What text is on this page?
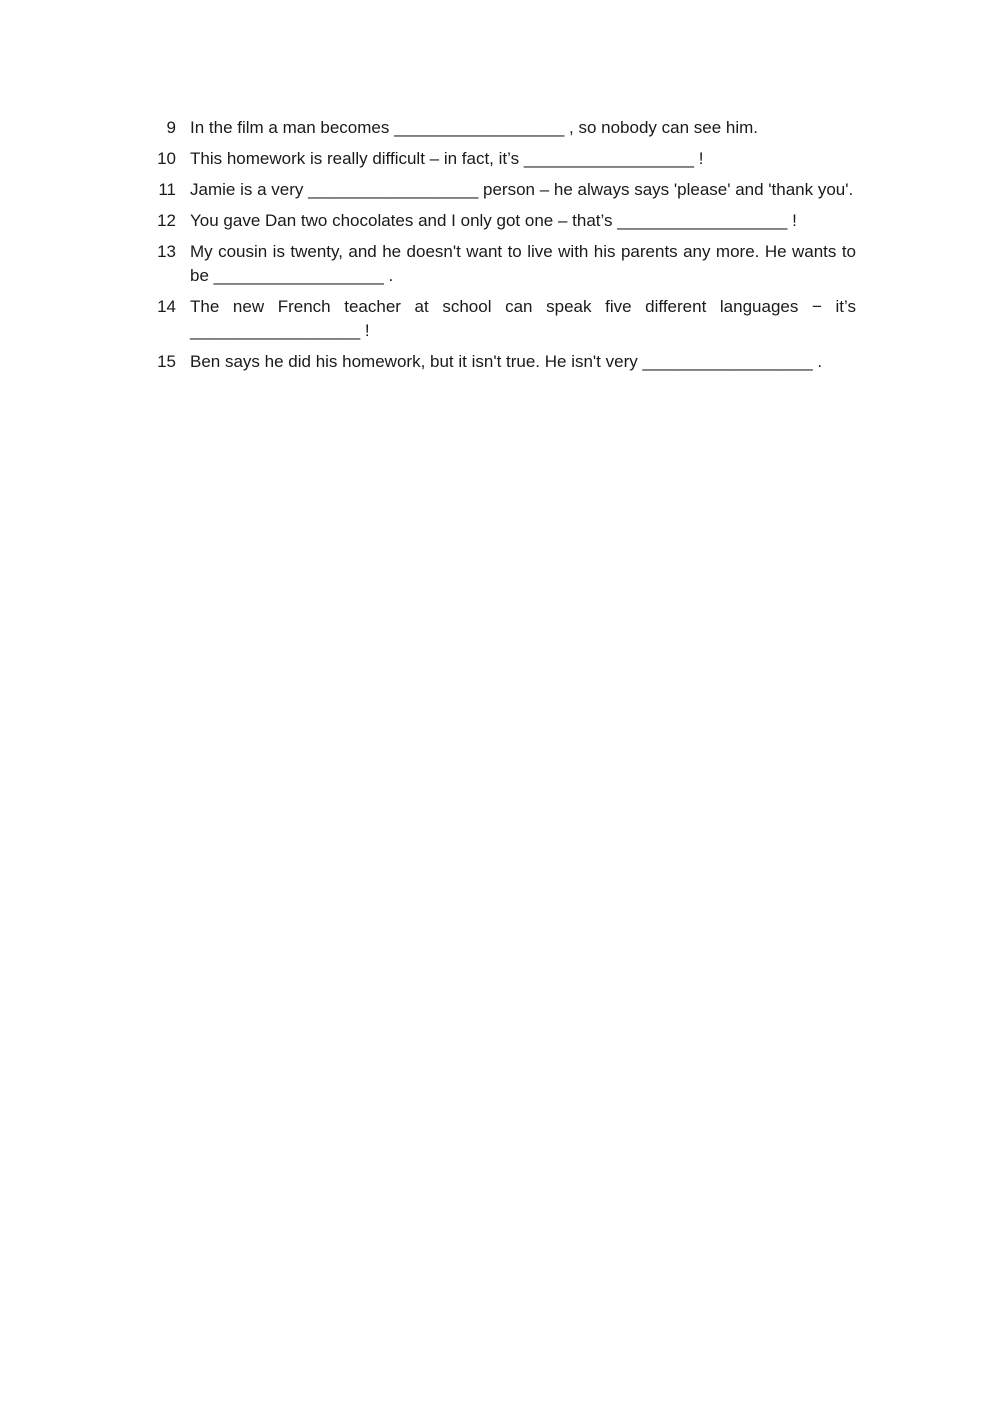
9 In the film a man becomes __________________ , so nobody can see him.
10 This homework is really difficult – in fact, it’s __________________ !
11 Jamie is a very __________________ person – he always says 'please' and 'thank you'.
12 You gave Dan two chocolates and I only got one – that’s __________________ !
13 My cousin is twenty, and he doesn't want to live with his parents any more. He wants to be __________________ .
14 The new French teacher at school can speak five different languages − it’s __________________ !
15 Ben says he did his homework, but it isn't true. He isn't very __________________ .
